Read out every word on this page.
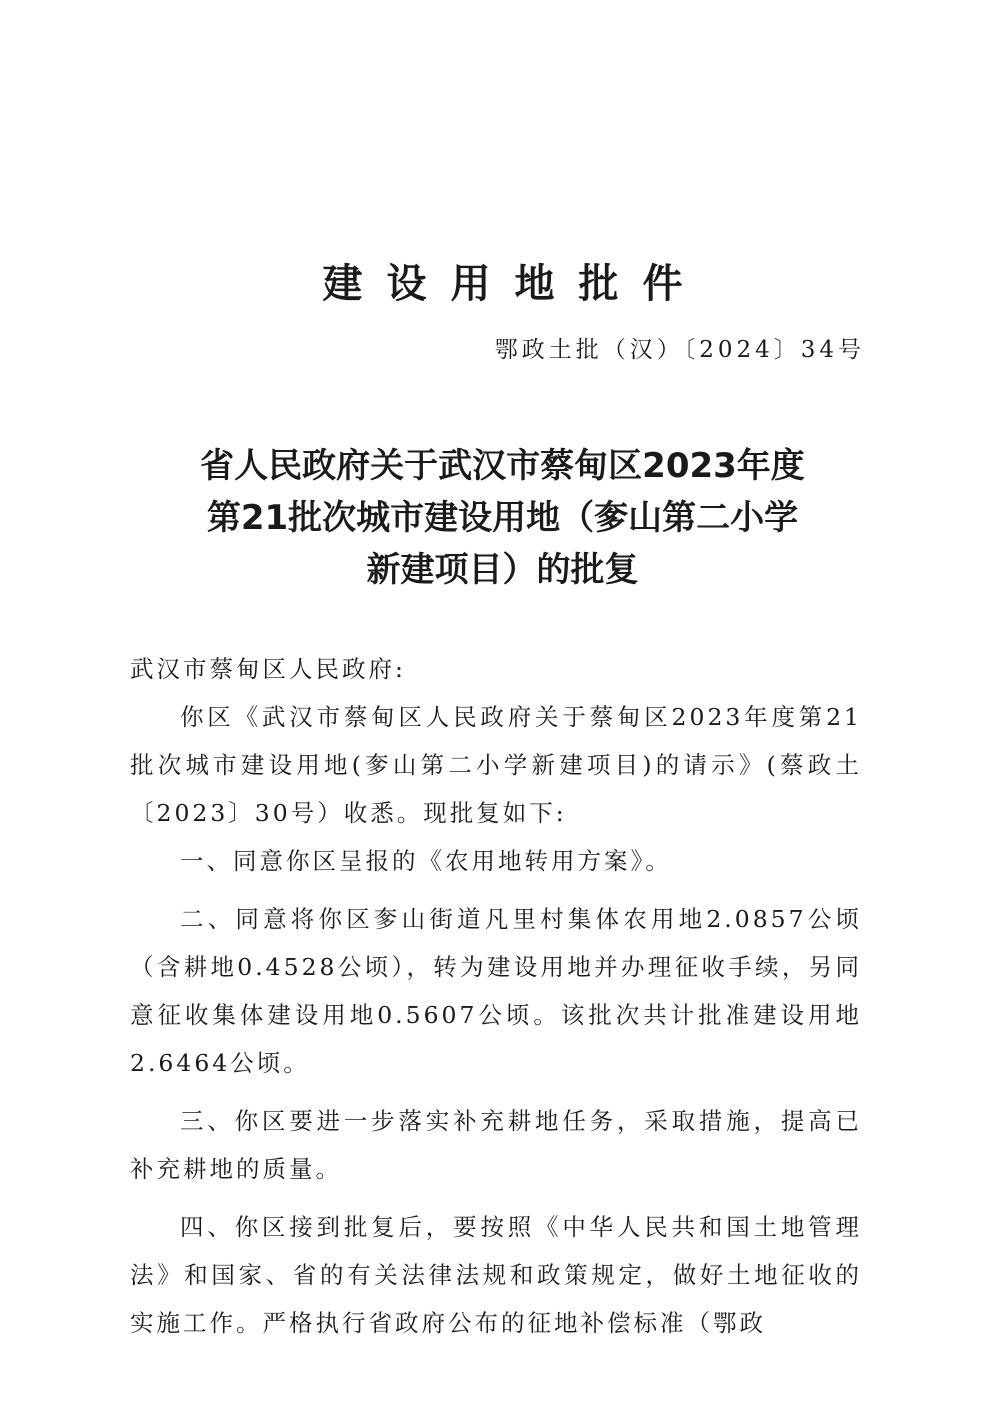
建设用地批件
鄂政土批（汉）〔2024〕34号
省人民政府关于武汉市蔡甸区2023年度
第21批次城市建设用地（奓山第二小学
新建项目）的批复

武汉市蔡甸区人民政府:

你区《武汉市蔡甸区人民政府关于蔡甸区2023年度第21批次城市建设用地(奓山第二小学新建项目)的请示》(蔡政土〔2023〕30号）收悉。现批复如下:

一、同意你区呈报的《农用地转用方案》。

二、同意将你区奓山街道凡里村集体农用地2.0857公顷（含耕地0.4528公顷），转为建设用地并办理征收手续，另同意征收集体建设用地0.5607公顷。该批次共计批准建设用地2.6464公顷。

三、你区要进一步落实补充耕地任务，采取措施，提高已补充耕地的质量。

四、你区接到批复后，要按照《中华人民共和国土地管理法》和国家、省的有关法律法规和政策规定，做好土地征收的实施工作。严格执行省政府公布的征地补偿标准（鄂政
